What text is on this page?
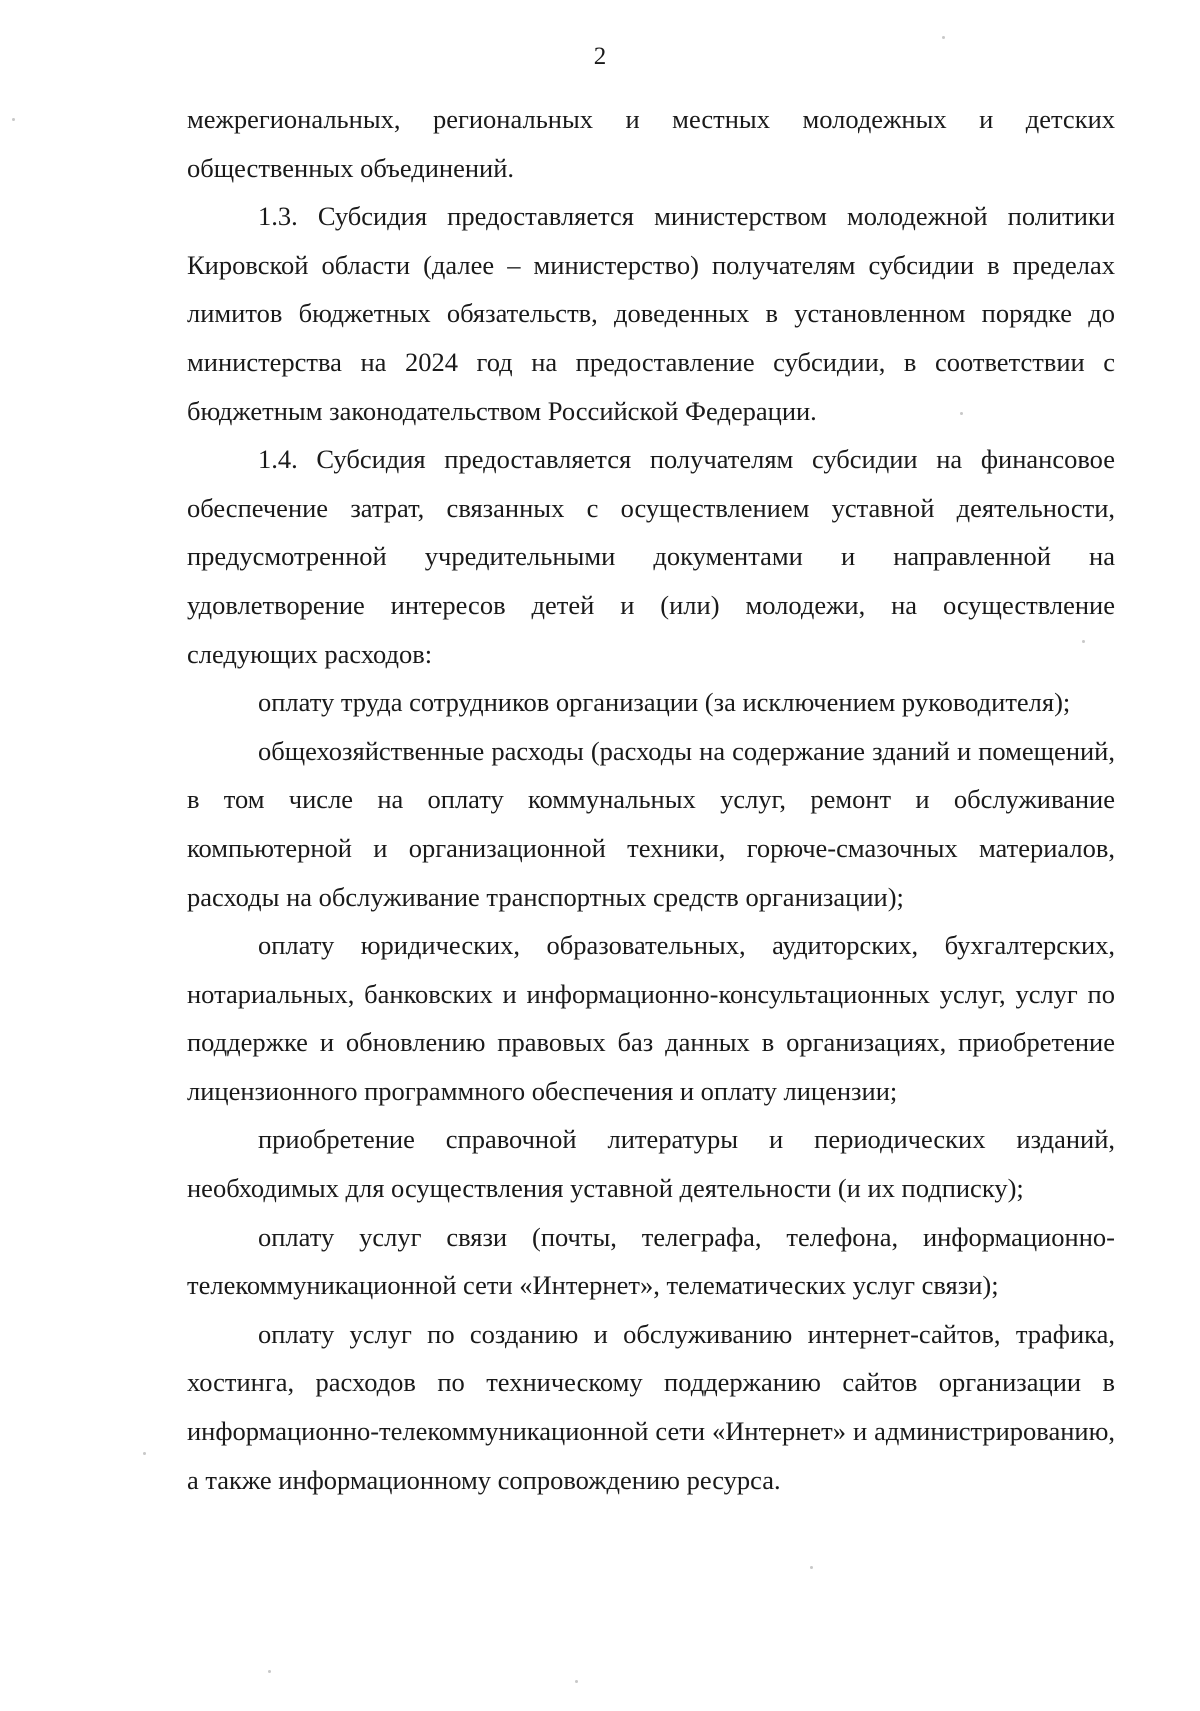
2

межрегиональных, региональных и местных молодежных и детских общественных объединений.

1.3. Субсидия предоставляется министерством молодежной политики Кировской области (далее – министерство) получателям субсидии в пределах лимитов бюджетных обязательств, доведенных в установленном порядке до министерства на 2024 год на предоставление субсидии, в соответствии с бюджетным законодательством Российской Федерации.

1.4. Субсидия предоставляется получателям субсидии на финансовое обеспечение затрат, связанных с осуществлением уставной деятельности, предусмотренной учредительными документами и направленной на удовлетворение интересов детей и (или) молодежи, на осуществление следующих расходов:

оплату труда сотрудников организации (за исключением руководителя);

общехозяйственные расходы (расходы на содержание зданий и помещений, в том числе на оплату коммунальных услуг, ремонт и обслуживание компьютерной и организационной техники, горюче-смазочных материалов, расходы на обслуживание транспортных средств организации);

оплату юридических, образовательных, аудиторских, бухгалтерских, нотариальных, банковских и информационно-консультационных услуг, услуг по поддержке и обновлению правовых баз данных в организациях, приобретение лицензионного программного обеспечения и оплату лицензии;

приобретение справочной литературы и периодических изданий, необходимых для осуществления уставной деятельности (и их подписку);

оплату услуг связи (почты, телеграфа, телефона, информационно-телекоммуникационной сети «Интернет», телематических услуг связи);

оплату услуг по созданию и обслуживанию интернет-сайтов, трафика, хостинга, расходов по техническому поддержанию сайтов организации в информационно-телекоммуникационной сети «Интернет» и администрированию, а также информационному сопровождению ресурса.
